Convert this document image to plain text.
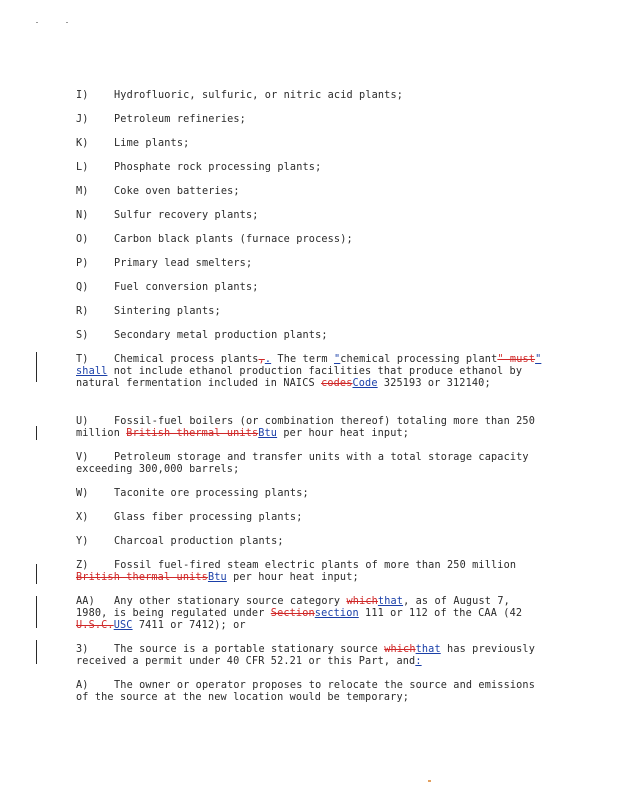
I) Hydrofluoric, sulfuric, or nitric acid plants;
J) Petroleum refineries;
K) Lime plants;
L) Phosphate rock processing plants;
M) Coke oven batteries;
N) Sulfur recovery plants;
O) Carbon black plants (furnace process);
P) Primary lead smelters;
Q) Fuel conversion plants;
R) Sintering plants;
S) Secondary metal production plants;
T) Chemical process plants,. The term "chemical processing plant" must" shall not include ethanol production facilities that produce ethanol by natural fermentation included in NAICS codesCode 325193 or 312140;
U) Fossil-fuel boilers (or combination thereof) totaling more than 250 million British thermal unitsBtu per hour heat input;
V) Petroleum storage and transfer units with a total storage capacity exceeding 300,000 barrels;
W) Taconite ore processing plants;
X) Glass fiber processing plants;
Y) Charcoal production plants;
Z) Fossil fuel-fired steam electric plants of more than 250 million British thermal unitsBtu per hour heat input;
AA) Any other stationary source category whichthat, as of August 7, 1980, is being regulated under Sectionsection 111 or 112 of the CAA (42 U.S.C.USC 7411 or 7412); or
3) The source is a portable stationary source whichthat has previously received a permit under 40 CFR 52.21 or this Part, and:
A) The owner or operator proposes to relocate the source and emissions of the source at the new location would be temporary;
